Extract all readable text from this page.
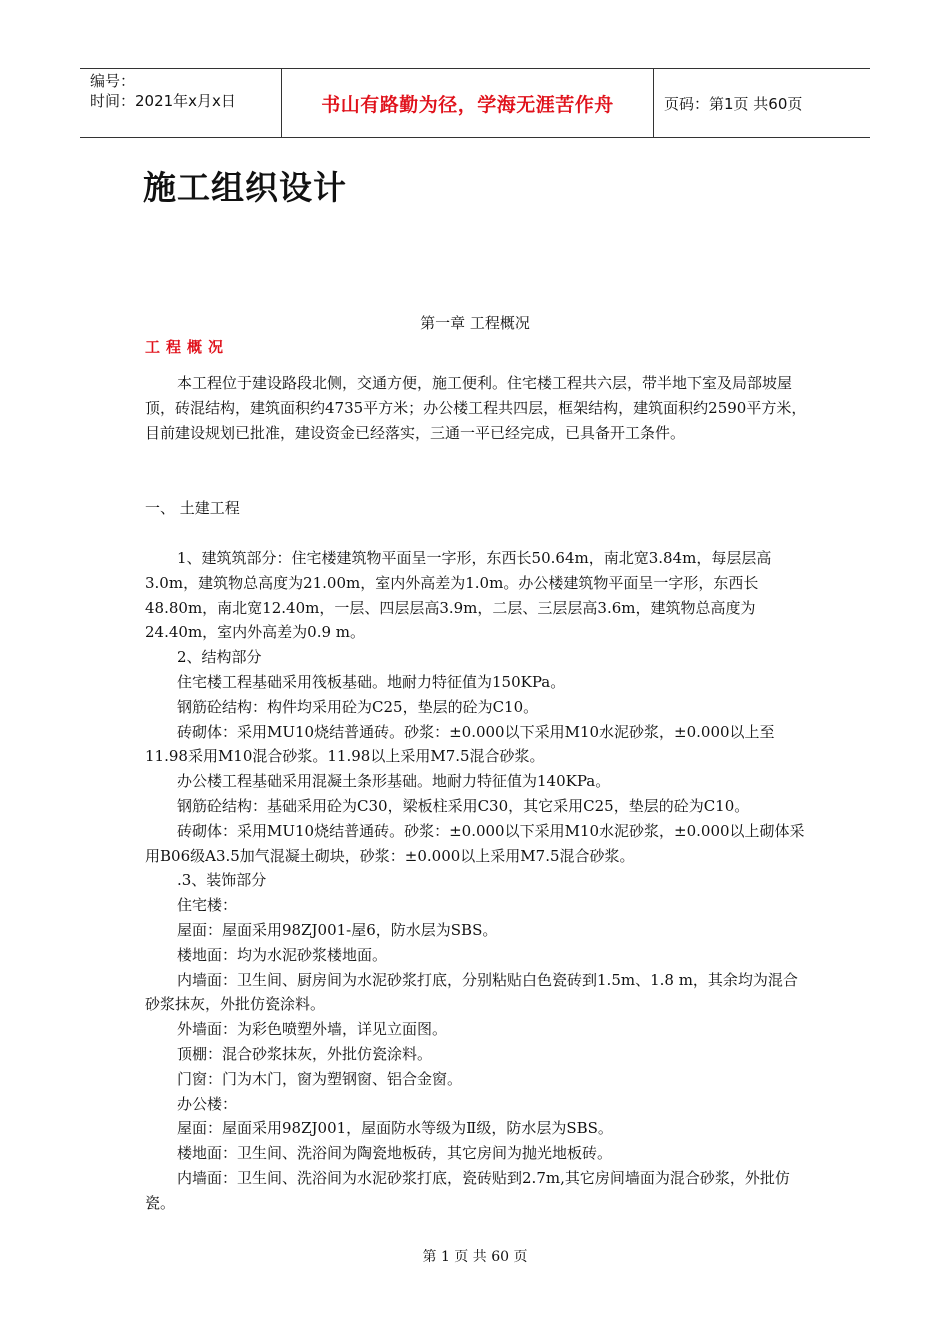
编号：
时间：2021年x月x日	书山有路勤为径，学海无涯苦作舟	页码：第1页 共60页
施工组织设计
第一章 工程概况
工程概况

本工程位于建设路段北侧，交通方便，施工便利。住宅楼工程共六层，带半地下室及局部坡屋顶，砖混结构，建筑面积约4735平方米；办公楼工程共四层，框架结构，建筑面积约2590平方米，目前建设规划已批准，建设资金已经落实，三通一平已经完成，已具备开工条件。

一、 土建工程

1、建筑筑部分：住宅楼建筑物平面呈一字形，东西长50.64m，南北宽3.84m，每层层高3.0m，建筑物总高度为21.00m，室内外高差为1.0m。办公楼建筑物平面呈一字形，东西长48.80m，南北宽12.40m，一层、四层层高3.9m，二层、三层层高3.6m，建筑物总高度为24.40m，室内外高差为0.9 m。

2、结构部分

住宅楼工程基础采用筏板基础。地耐力特征值为150KPa。

钢筋砼结构：构件均采用砼为C25，垫层的砼为C10。

砖砌体：采用MU10烧结普通砖。砂浆：±0.000以下采用M10水泥砂浆，±0.000以上至11.98采用M10混合砂浆。11.98以上采用M7.5混合砂浆。

办公楼工程基础采用混凝土条形基础。地耐力特征值为140KPa。

钢筋砼结构：基础采用砼为C30，梁板柱采用C30，其它采用C25，垫层的砼为C10。

砖砌体：采用MU10烧结普通砖。砂浆：±0.000以下采用M10水泥砂浆，±0.000以上砌体采用B06级A3.5加气混凝土砌块，砂浆：±0.000以上采用M7.5混合砂浆。

.3、装饰部分

住宅楼：

屋面：屋面采用98ZJ001-屋6，防水层为SBS。

楼地面：均为水泥砂浆楼地面。

内墙面：卫生间、厨房间为水泥砂浆打底，分别粘贴白色瓷砖到1.5m、1.8 m，其余均为混合砂浆抹灰，外批仿瓷涂料。

外墙面：为彩色喷塑外墙，详见立面图。

顶棚：混合砂浆抹灰，外批仿瓷涂料。

门窗：门为木门，窗为塑钢窗、铝合金窗。

办公楼：

屋面：屋面采用98ZJ001，屋面防水等级为Ⅱ级，防水层为SBS。

楼地面：卫生间、洗浴间为陶瓷地板砖，其它房间为抛光地板砖。

内墙面：卫生间、洗浴间为水泥砂浆打底，瓷砖贴到2.7m,其它房间墙面为混合砂浆，外批仿瓷。

第 1 页 共 60 页
